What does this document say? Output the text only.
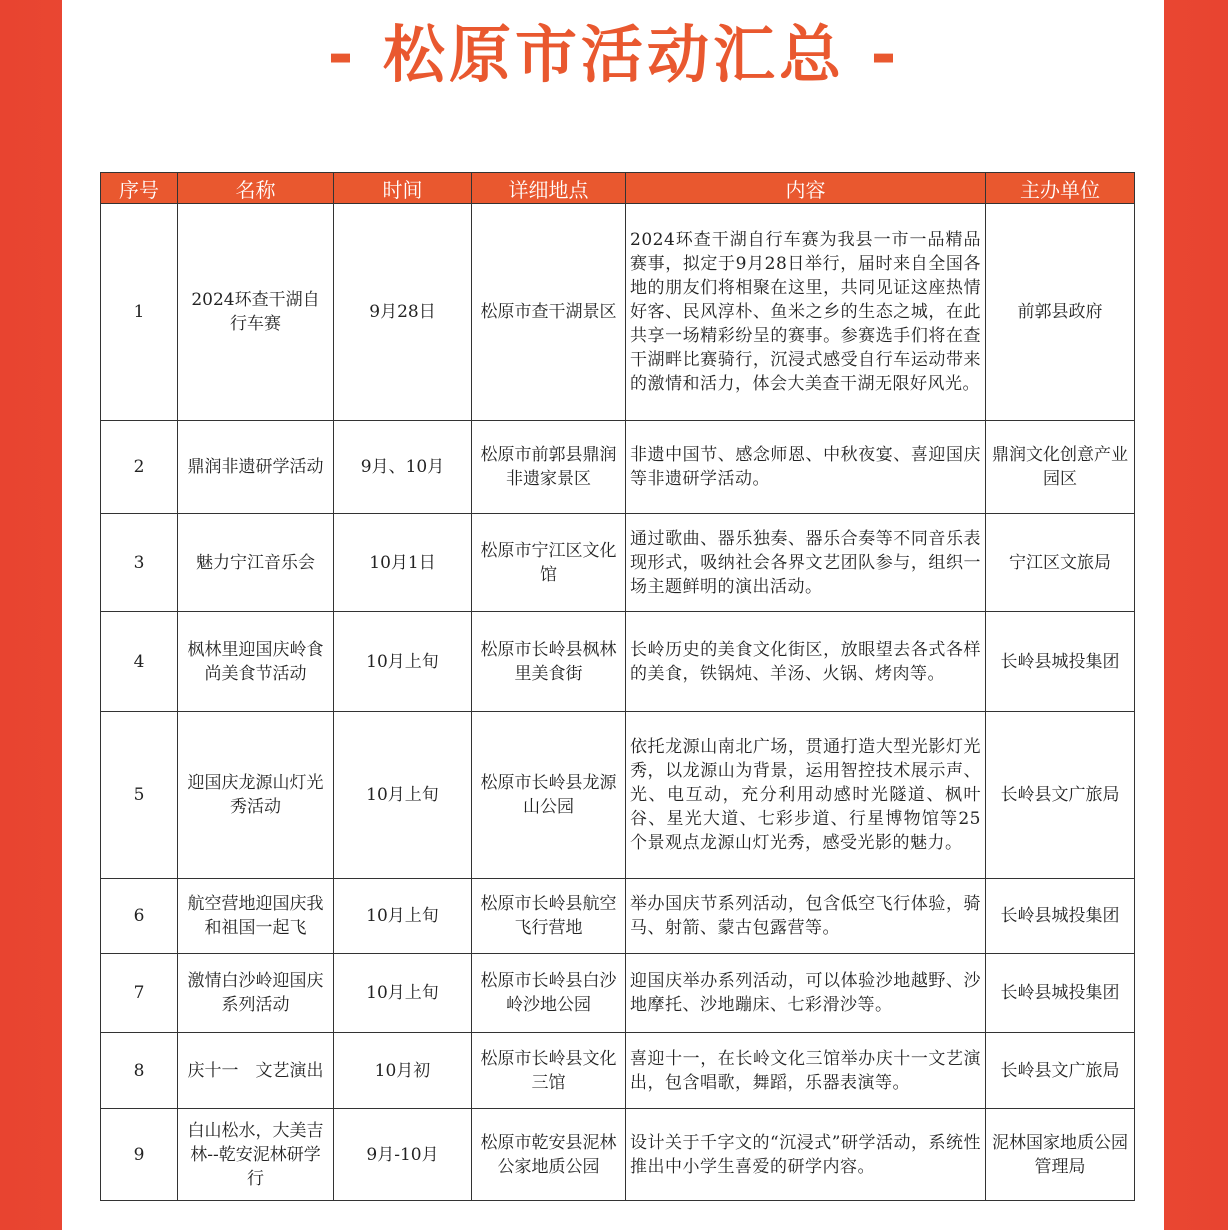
- 松原市活动汇总 -
序号	名称	时间	详细地点	内容	主办单位
1	2024环查干湖自行车赛	9月28日	松原市查干湖景区	2024环查干湖自行车赛为我县一市一品精品赛事，拟定于9月28日举行，届时来自全国各地的朋友们将相聚在这里，共同见证这座热情好客、民风淳朴、鱼米之乡的生态之城，在此共享一场精彩纷呈的赛事。参赛选手们将在查干湖畔比赛骑行，沉浸式感受自行车运动带来的激情和活力，体会大美查干湖无限好风光。	前郭县政府
2	鼎润非遗研学活动	9月、10月	松原市前郭县鼎润非遗家景区	非遗中国节、感念师恩、中秋夜宴、喜迎国庆等非遗研学活动。	鼎润文化创意产业园区
3	魅力宁江音乐会	10月1日	松原市宁江区文化馆	通过歌曲、器乐独奏、器乐合奏等不同音乐表现形式，吸纳社会各界文艺团队参与，组织一场主题鲜明的演出活动。	宁江区文旅局
4	枫林里迎国庆岭食尚美食节活动	10月上旬	松原市长岭县枫林里美食街	长岭历史的美食文化街区，放眼望去各式各样的美食，铁锅炖、羊汤、火锅、烤肉等。	长岭县城投集团
5	迎国庆龙源山灯光秀活动	10月上旬	松原市长岭县龙源山公园	依托龙源山南北广场，贯通打造大型光影灯光秀，以龙源山为背景，运用智控技术展示声、光、电互动，充分利用动感时光隧道、枫叶谷、星光大道、七彩步道、行星博物馆等25个景观点龙源山灯光秀，感受光影的魅力。	长岭县文广旅局
6	航空营地迎国庆我和祖国一起飞	10月上旬	松原市长岭县航空飞行营地	举办国庆节系列活动，包含低空飞行体验，骑马、射箭、蒙古包露营等。	长岭县城投集团
7	激情白沙岭迎国庆系列活动	10月上旬	松原市长岭县白沙岭沙地公园	迎国庆举办系列活动，可以体验沙地越野、沙地摩托、沙地蹦床、七彩滑沙等。	长岭县城投集团
8	庆十一　文艺演出	10月初	松原市长岭县文化三馆	喜迎十一，在长岭文化三馆举办庆十一文艺演出，包含唱歌，舞蹈，乐器表演等。	长岭县文广旅局
9	白山松水，大美吉林--乾安泥林研学行	9月-10月	松原市乾安县泥林公家地质公园	设计关于千字文的“沉浸式”研学活动，系统性推出中小学生喜爱的研学内容。	泥林国家地质公园管理局
